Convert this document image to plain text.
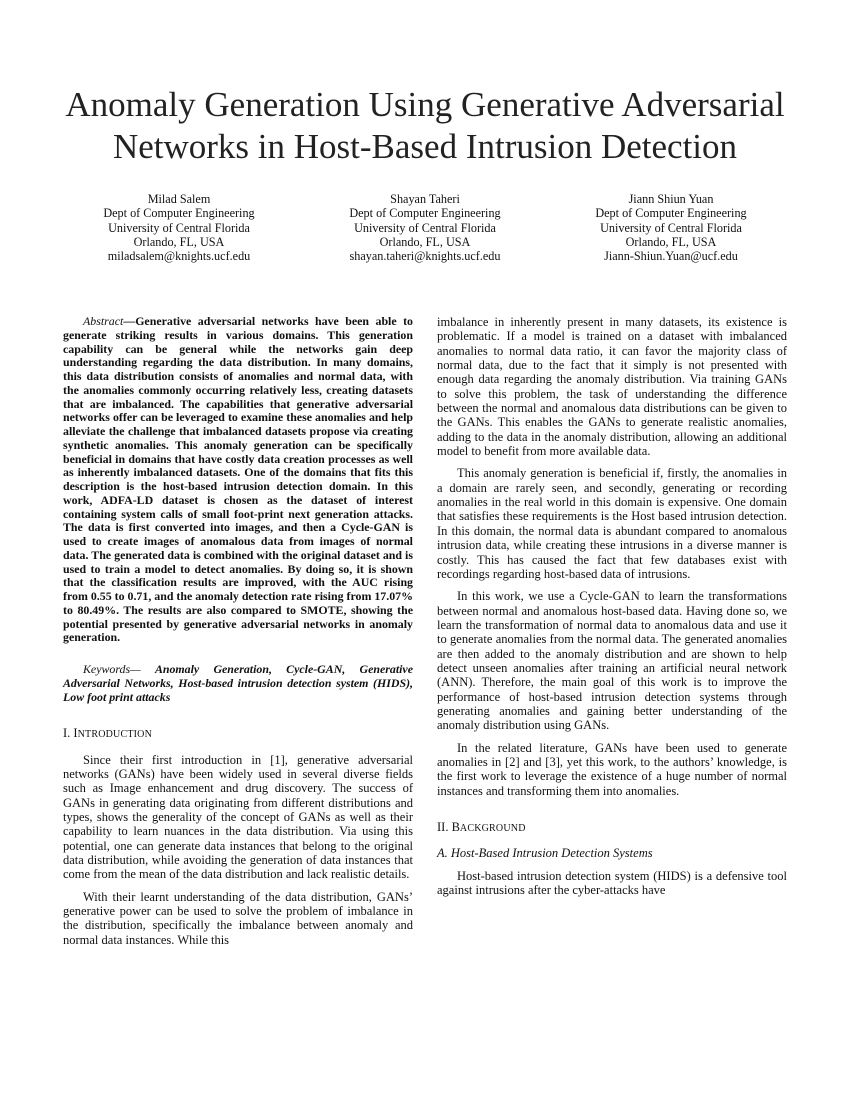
Anomaly Generation Using Generative Adversarial Networks in Host-Based Intrusion Detection
Milad Salem
Dept of Computer Engineering
University of Central Florida
Orlando, FL, USA
miladsalem@knights.ucf.edu
Shayan Taheri
Dept of Computer Engineering
University of Central Florida
Orlando, FL, USA
shayan.taheri@knights.ucf.edu
Jiann Shiun Yuan
Dept of Computer Engineering
University of Central Florida
Orlando, FL, USA
Jiann-Shiun.Yuan@ucf.edu

Abstract—Generative adversarial networks have been able to generate striking results in various domains. This generation capability can be general while the networks gain deep understanding regarding the data distribution. In many domains, this data distribution consists of anomalies and normal data, with the anomalies commonly occurring relatively less, creating datasets that are imbalanced. The capabilities that generative adversarial networks offer can be leveraged to examine these anomalies and help alleviate the challenge that imbalanced datasets propose via creating synthetic anomalies. This anomaly generation can be specifically beneficial in domains that have costly data creation processes as well as inherently imbalanced datasets. One of the domains that fits this description is the host-based intrusion detection domain. In this work, ADFA-LD dataset is chosen as the dataset of interest containing system calls of small foot-print next generation attacks. The data is first converted into images, and then a Cycle-GAN is used to create images of anomalous data from images of normal data. The generated data is combined with the original dataset and is used to train a model to detect anomalies. By doing so, it is shown that the classification results are improved, with the AUC rising from 0.55 to 0.71, and the anomaly detection rate rising from 17.07% to 80.49%. The results are also compared to SMOTE, showing the potential presented by generative adversarial networks in anomaly generation.

Keywords— Anomaly Generation, Cycle-GAN, Generative Adversarial Networks, Host-based intrusion detection system (HIDS), Low foot print attacks

I. INTRODUCTION

Since their first introduction in [1], generative adversarial networks (GANs) have been widely used in several diverse fields such as Image enhancement and drug discovery. The success of GANs in generating data originating from different distributions and types, shows the generality of the concept of GANs as well as their capability to learn nuances in the data distribution. Via using this potential, one can generate data instances that belong to the original data distribution, while avoiding the generation of data instances that come from the mean of the data distribution and lack realistic details.

With their learnt understanding of the data distribution, GANs’ generative power can be used to solve the problem of imbalance in the distribution, specifically the imbalance between anomaly and normal data instances. While this

imbalance in inherently present in many datasets, its existence is problematic. If a model is trained on a dataset with imbalanced anomalies to normal data ratio, it can favor the majority class of normal data, due to the fact that it simply is not presented with enough data regarding the anomaly distribution. Via training GANs to solve this problem, the task of understanding the difference between the normal and anomalous data distributions can be given to the GANs. This enables the GANs to generate realistic anomalies, adding to the data in the anomaly distribution, allowing an additional model to benefit from more available data.

This anomaly generation is beneficial if, firstly, the anomalies in a domain are rarely seen, and secondly, generating or recording anomalies in the real world in this domain is expensive. One domain that satisfies these requirements is the Host based intrusion detection. In this domain, the normal data is abundant compared to anomalous intrusion data, while creating these intrusions in a diverse manner is costly. This has caused the fact that few databases exist with recordings regarding host-based data of intrusions.

In this work, we use a Cycle-GAN to learn the transformations between normal and anomalous host-based data. Having done so, we learn the transformation of normal data to anomalous data and use it to generate anomalies from the normal data. The generated anomalies are then added to the anomaly distribution and are shown to help detect unseen anomalies after training an artificial neural network (ANN). Therefore, the main goal of this work is to improve the performance of host-based intrusion detection systems through generating anomalies and gaining better understanding of the anomaly distribution using GANs.

In the related literature, GANs have been used to generate anomalies in [2] and [3], yet this work, to the authors’ knowledge, is the first work to leverage the existence of a huge number of normal instances and transforming them into anomalies.

II. BACKGROUND

A. Host-Based Intrusion Detection Systems

Host-based intrusion detection system (HIDS) is a defensive tool against intrusions after the cyber-attacks have
